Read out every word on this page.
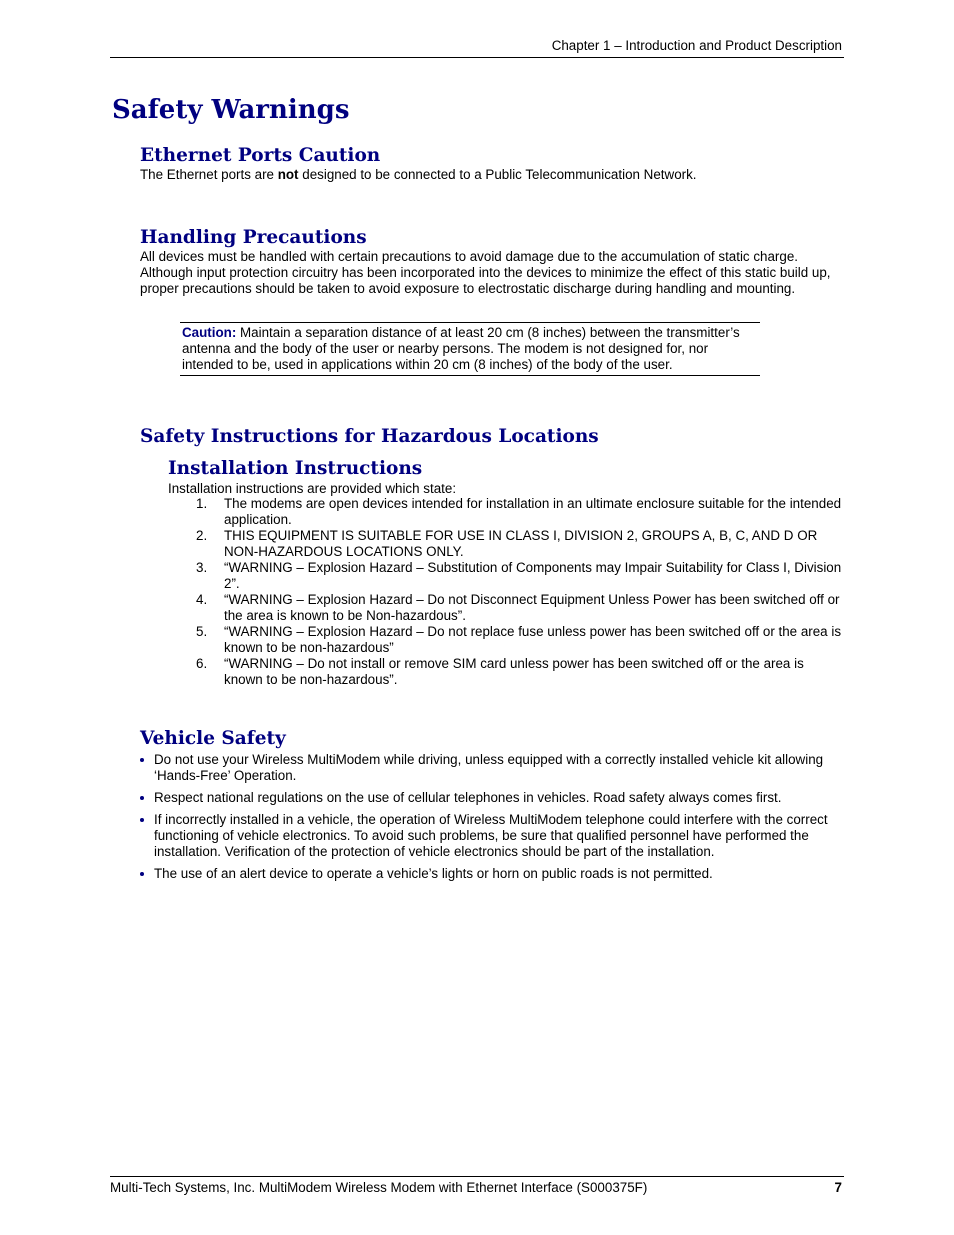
Chapter 1 – Introduction and Product Description
Safety Warnings
Ethernet Ports Caution

The Ethernet ports are not designed to be connected to a Public Telecommunication Network.

Handling Precautions

All devices must be handled with certain precautions to avoid damage due to the accumulation of static charge. Although input protection circuitry has been incorporated into the devices to minimize the effect of this static build up, proper precautions should be taken to avoid exposure to electrostatic discharge during handling and mounting.

Caution: Maintain a separation distance of at least 20 cm (8 inches) between the transmitter’s antenna and the body of the user or nearby persons. The modem is not designed for, nor intended to be, used in applications within 20 cm (8 inches) of the body of the user.
Safety Instructions for Hazardous Locations
Installation Instructions

Installation instructions are provided which state:

1. The modems are open devices intended for installation in an ultimate enclosure suitable for the intended application.
2. THIS EQUIPMENT IS SUITABLE FOR USE IN CLASS I, DIVISION 2, GROUPS A, B, C, AND D OR NON-HAZARDOUS LOCATIONS ONLY.
3. “WARNING – Explosion Hazard – Substitution of Components may Impair Suitability for Class I, Division 2”.
4. “WARNING – Explosion Hazard – Do not Disconnect Equipment Unless Power has been switched off or the area is known to be Non-hazardous”.
5. “WARNING – Explosion Hazard – Do not replace fuse unless power has been switched off or the area is known to be non-hazardous”
6. “WARNING – Do not install or remove SIM card unless power has been switched off or the area is known to be non-hazardous”.
Vehicle Safety
Do not use your Wireless MultiModem while driving, unless equipped with a correctly installed vehicle kit allowing ‘Hands-Free’ Operation.
Respect national regulations on the use of cellular telephones in vehicles. Road safety always comes first.
If incorrectly installed in a vehicle, the operation of Wireless MultiModem telephone could interfere with the correct functioning of vehicle electronics. To avoid such problems, be sure that qualified personnel have performed the installation. Verification of the protection of vehicle electronics should be part of the installation.
The use of an alert device to operate a vehicle’s lights or horn on public roads is not permitted.
Multi-Tech Systems, Inc. MultiModem Wireless Modem with Ethernet Interface (S000375F)	7
